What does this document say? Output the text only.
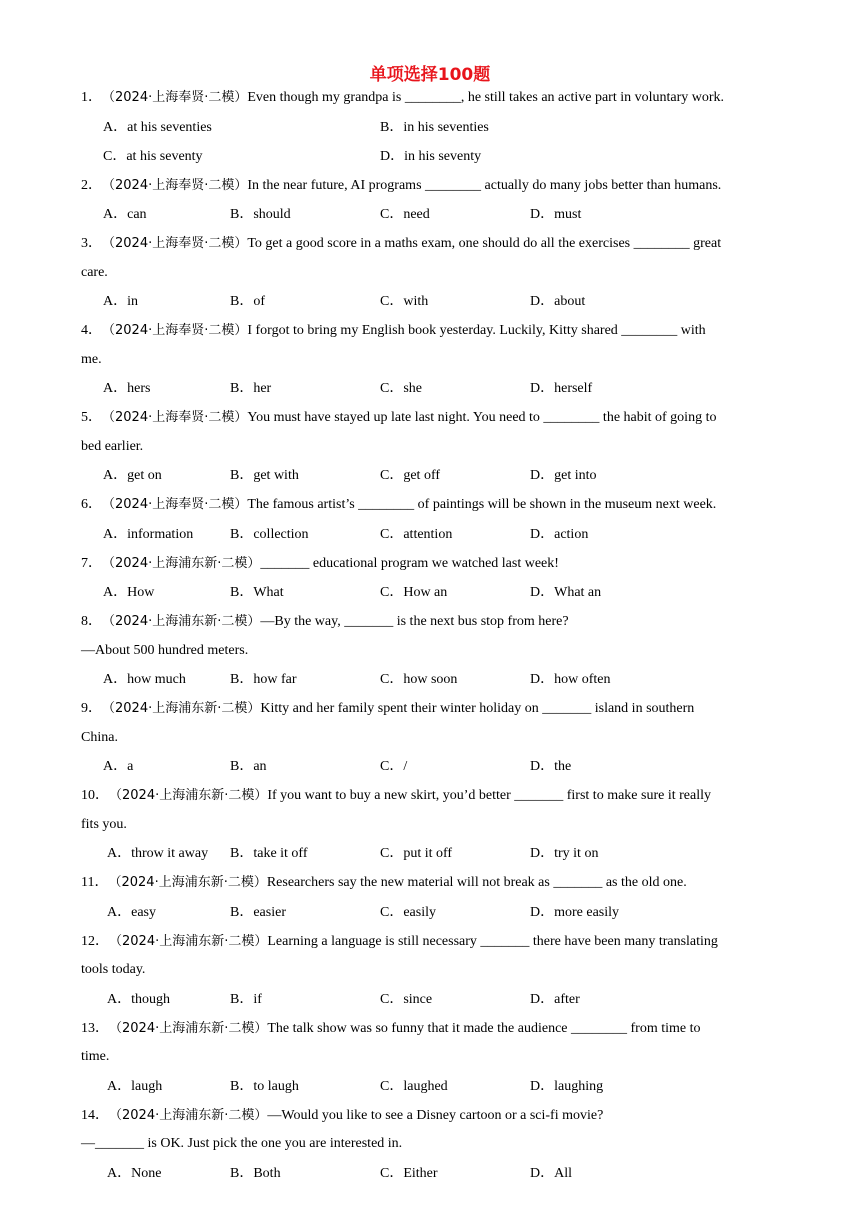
单项选择100题

1．（2024·上海奉贤·二模）Even though my grandpa is ________, he still takes an active part in voluntary work.

A．at his seventies	B．in his seventies
C．at his seventy	D．in his seventy

2．（2024·上海奉贤·二模）In the near future, AI programs ________ actually do many jobs better than humans.

A．can	B．should	C．need	D．must

3．（2024·上海奉贤·二模）To get a good score in a maths exam, one should do all the exercises ________ great

care.

A．in	B．of	C．with	D．about

4．（2024·上海奉贤·二模）I forgot to bring my English book yesterday. Luckily, Kitty shared ________ with

me.

A．hers	B．her	C．she	D．herself

5．（2024·上海奉贤·二模）You must have stayed up late last night. You need to ________ the habit of going to

bed earlier.

A．get on	B．get with	C．get off	D．get into

6．（2024·上海奉贤·二模）The famous artist’s ________ of paintings will be shown in the museum next week.

A．information	B．collection	C．attention	D．action

7．（2024·上海浦东新·二模）_______ educational program we watched last week!

A．How	B．What	C．How an	D．What an

8．（2024·上海浦东新·二模）—By the way, _______ is the next bus stop from here?

—About 500 hundred meters.

A．how much	B．how far	C．how soon	D．how often

9．（2024·上海浦东新·二模）Kitty and her family spent their winter holiday on _______ island in southern

China.

A．a	B．an	C．/	D．the

10．（2024·上海浦东新·二模）If you want to buy a new skirt, you’d better _______ first to make sure it really

fits you.

A．throw it away B．take it off	C．put it off	D．try it on

11．（2024·上海浦东新·二模）Researchers say the new material will not break as _______ as the old one.

A．easy	B．easier	C．easily	D．more easily

12．（2024·上海浦东新·二模）Learning a language is still necessary _______ there have been many translating

tools today.

A．though	B．if	C．since	D．after

13．（2024·上海浦东新·二模）The talk show was so funny that it made the audience ________ from time to

time.

A．laugh	B．to laugh	C．laughed	D．laughing

14．（2024·上海浦东新·二模）—Would you like to see a Disney cartoon or a sci-fi movie?

—_______ is OK. Just pick the one you are interested in.

A．None	B．Both	C．Either	D．All
